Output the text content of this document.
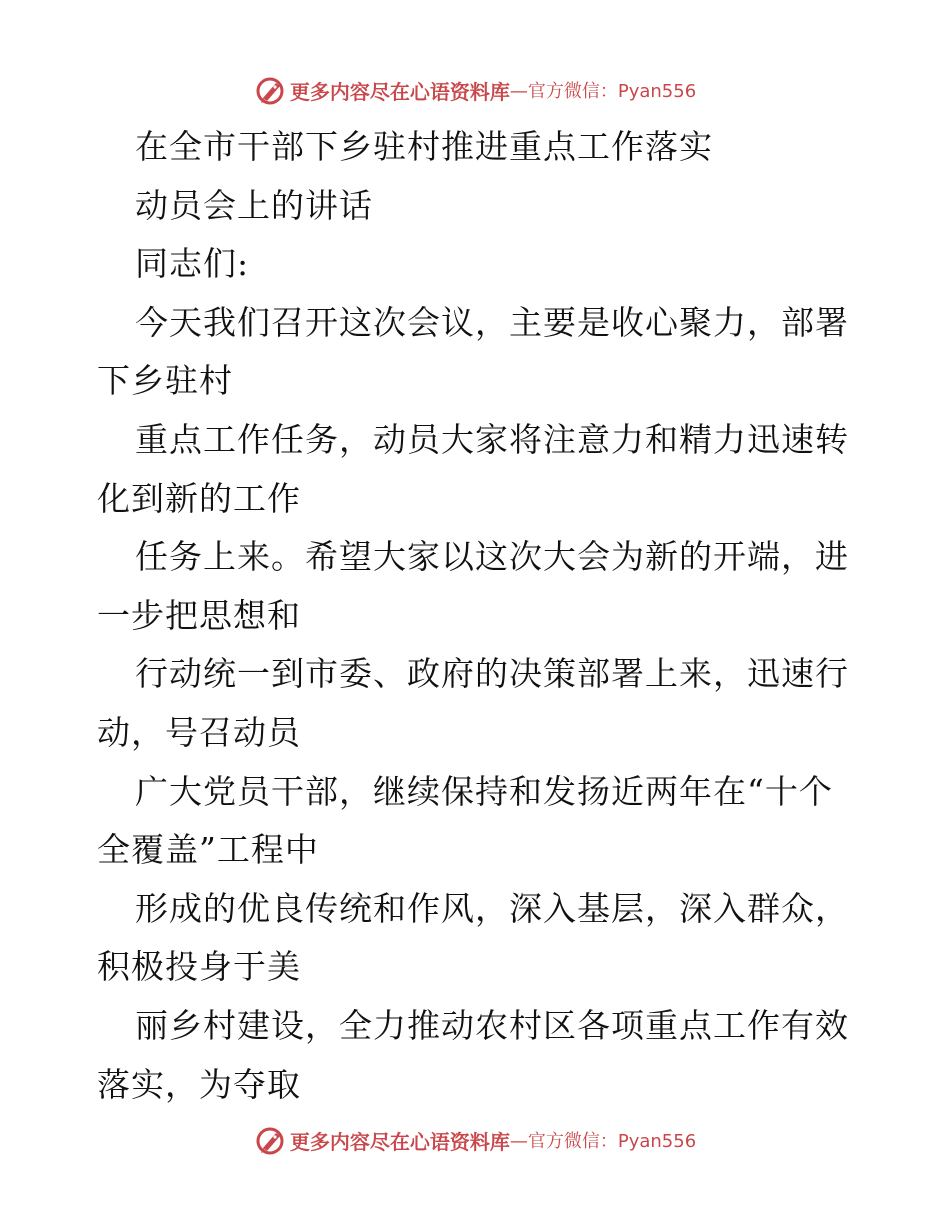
更多内容尽在心语资料库 —官方微信：Pyan556
在全市干部下乡驻村推进重点工作落实
动员会上的讲话
同志们:
今天我们召开这次会议，主要是收心聚力，部署
下乡驻村
重点工作任务，动员大家将注意力和精力迅速转
化到新的工作
任务上来。希望大家以这次大会为新的开端，进
一步把思想和
行动统一到市委、政府的决策部署上来，迅速行
动，号召动员
广大党员干部，继续保持和发扬近两年在“十个
全覆盖”工程中
形成的优良传统和作风，深入基层，深入群众，
积极投身于美
丽乡村建设，全力推动农村区各项重点工作有效
落实，为夺取
更多内容尽在心语资料库 —官方微信：Pyan556
